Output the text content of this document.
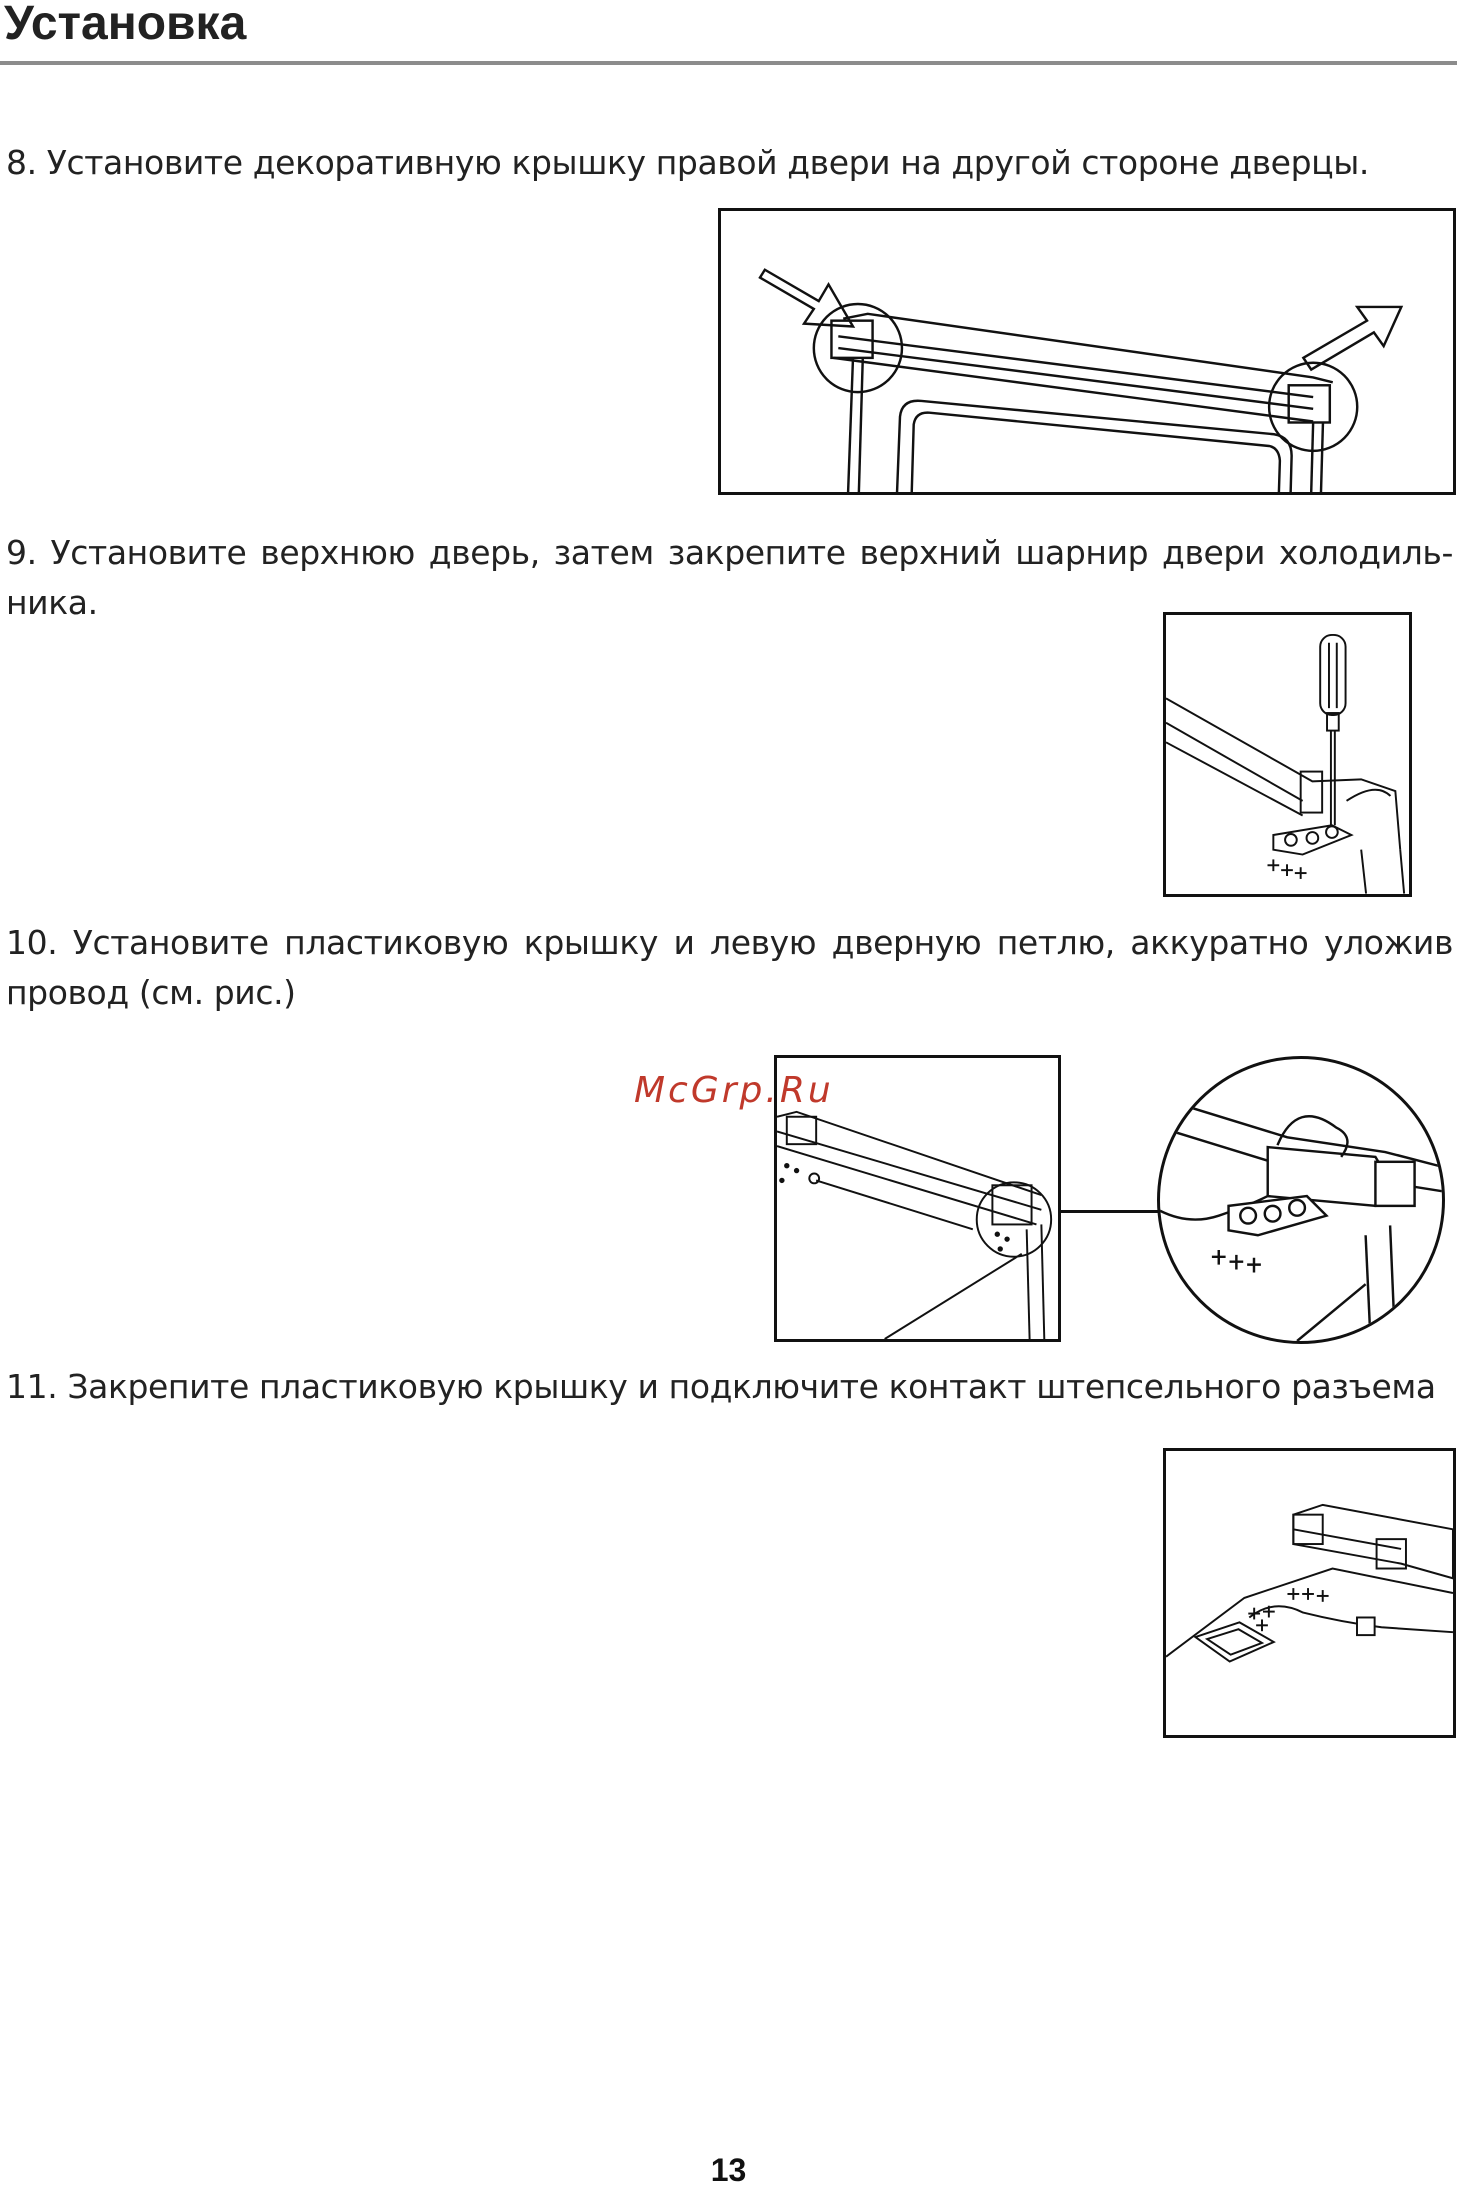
Установка

8. Установите декоративную крышку правой двери на другой стороне дверцы.

9. Установите верхнюю дверь, затем закрепите верхний шарнир двери холодиль-ника.

10. Установите пластиковую крышку и левую дверную петлю, аккуратно уложив провод (см. рис.)

McGrp.Ru

11. Закрепите пластиковую крышку и подключите контакт штепсельного разъема

13
